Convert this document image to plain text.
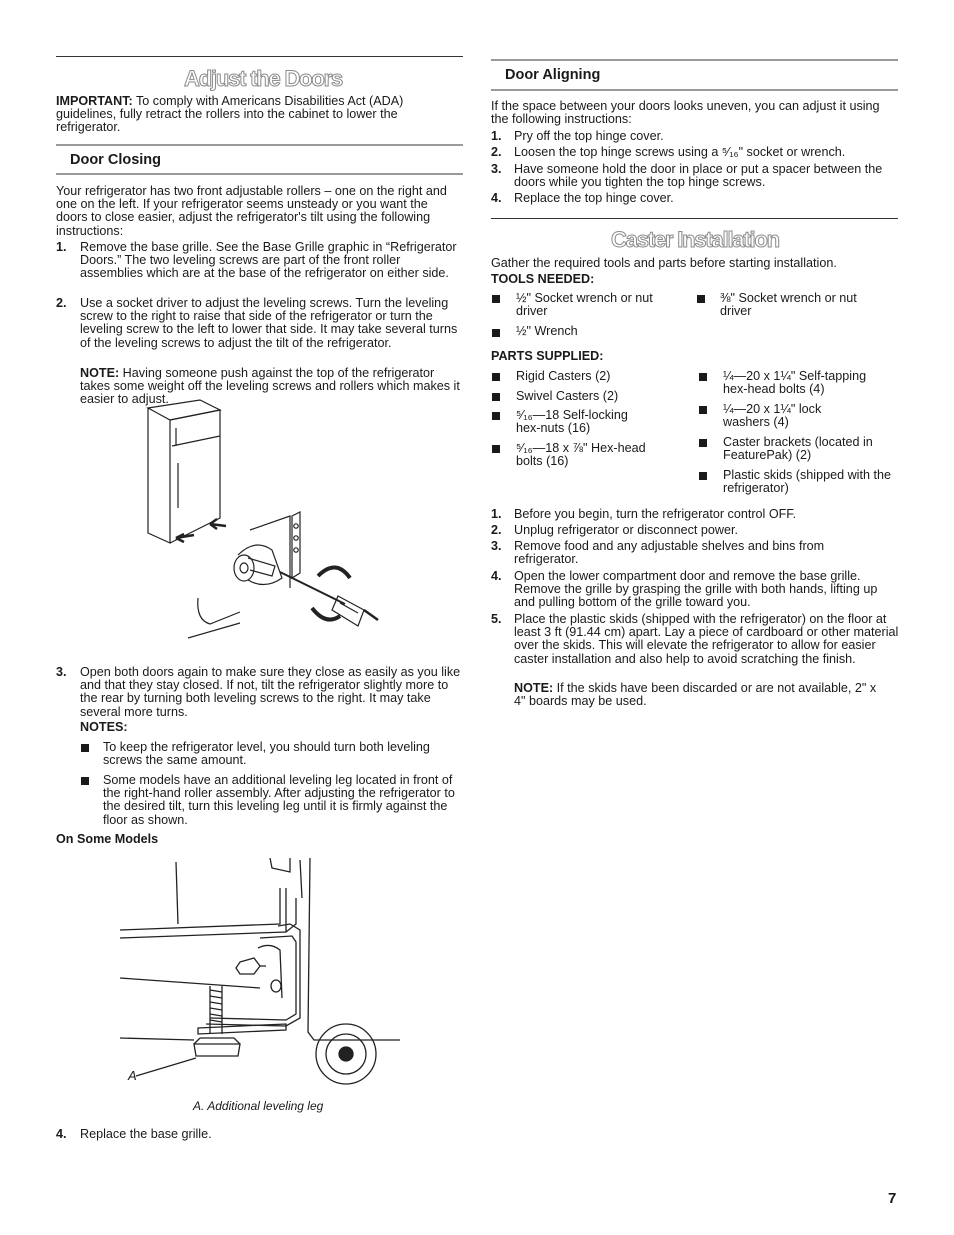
Adjust the Doors
IMPORTANT: To comply with Americans Disabilities Act (ADA) guidelines, fully retract the rollers into the cabinet to lower the refrigerator.
Door Closing
Your refrigerator has two front adjustable rollers – one on the right and one on the left. If your refrigerator seems unsteady or you want the doors to close easier, adjust the refrigerator's tilt using the following instructions:
1. Remove the base grille. See the Base Grille graphic in “Refrigerator Doors.” The two leveling screws are part of the front roller assemblies which are at the base of the refrigerator on either side.
2. Use a socket driver to adjust the leveling screws. Turn the leveling screw to the right to raise that side of the refrigerator or turn the leveling screw to the left to lower that side. It may take several turns of the leveling screws to adjust the tilt of the refrigerator.
NOTE: Having someone push against the top of the refrigerator takes some weight off the leveling screws and rollers which makes it easier to adjust.
3. Open both doors again to make sure they close as easily as you like and that they stay closed. If not, tilt the refrigerator slightly more to the rear by turning both leveling screws to the right. It may take several more turns.
NOTES:
To keep the refrigerator level, you should turn both leveling screws the same amount.
Some models have an additional leveling leg located in front of the right-hand roller assembly. After adjusting the refrigerator to the desired tilt, turn this leveling leg until it is firmly against the floor as shown.
On Some Models
A
A. Additional leveling leg
4. Replace the base grille.
Door Aligning
If the space between your doors looks uneven, you can adjust it using the following instructions:
1. Pry off the top hinge cover.
2. Loosen the top hinge screws using a ⁵⁄₁₆" socket or wrench.
3. Have someone hold the door in place or put a spacer between the doors while you tighten the top hinge screws.
4. Replace the top hinge cover.
Caster Installation
Gather the required tools and parts before starting installation.
TOOLS NEEDED:
½" Socket wrench or nut driver
½" Wrench
⅜" Socket wrench or nut driver
PARTS SUPPLIED:
Rigid Casters (2)
Swivel Casters (2)
⁵⁄₁₆—18 Self-locking hex-nuts (16)
⁵⁄₁₆—18 x ⅞" Hex-head bolts (16)
¼—20 x 1¼" Self-tapping hex-head bolts (4)
¼—20 x 1¼" lock washers (4)
Caster brackets (located in FeaturePak) (2)
Plastic skids (shipped with the refrigerator)
1. Before you begin, turn the refrigerator control OFF.
2. Unplug refrigerator or disconnect power.
3. Remove food and any adjustable shelves and bins from refrigerator.
4. Open the lower compartment door and remove the base grille. Remove the grille by grasping the grille with both hands, lifting up and pulling bottom of the grille toward you.
5. Place the plastic skids (shipped with the refrigerator) on the floor at least 3 ft (91.44 cm) apart. Lay a piece of cardboard or other material over the skids. This will elevate the refrigerator to allow for easier caster installation and also help to avoid scratching the finish.
NOTE: If the skids have been discarded or are not available, 2" x 4" boards may be used.
7
